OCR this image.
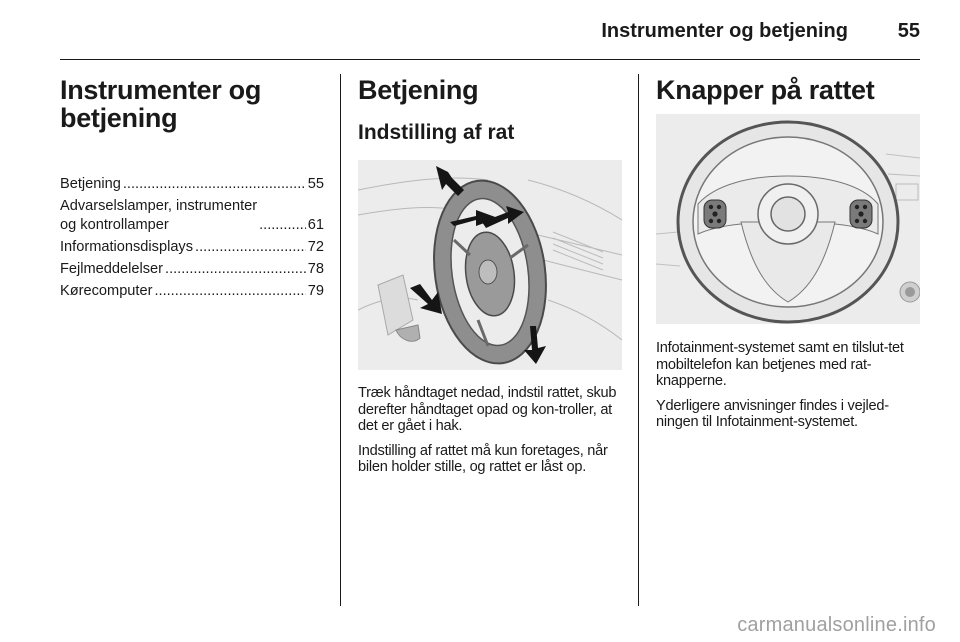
Instrumenter og betjening	55
Instrumenter og betjening
Betjening .....	55
Advarselslamper, instrumenter
og kontrollamper .....	61
Informationsdisplays .....	72
Fejlmeddelelser .....	78
Kørecomputer .....	79
Betjening
Indstilling af rat

Træk håndtaget nedad, indstil rattet, skub derefter håndtaget opad og kon-troller, at det er gået i hak.

Indstilling af rattet må kun foretages, når bilen holder stille, og rattet er låst op.

Knapper på rattet

Infotainment-systemet samt en tilslut-tet mobiltelefon kan betjenes med rat-knapperne.

Yderligere anvisninger findes i vejled-ningen til Infotainment-systemet.

carmanualsonline.info
